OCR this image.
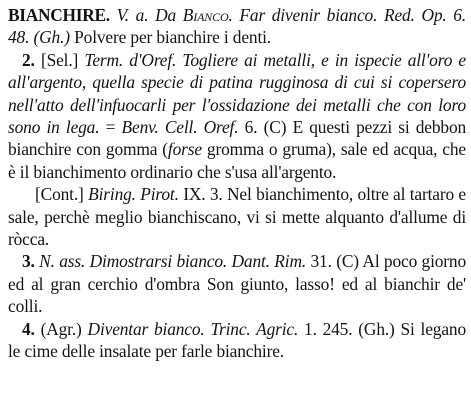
BIANCHIRE. V. a. Da Bianco. Far divenir bianco. Red. Op. 6. 48. (Gh.) Polvere per bianchire i denti.

2. [Sel.] Term. d'Oref. Togliere ai metalli, e in ispecie all'oro e all'argento, quella specie di patina rugginosa di cui si copersero nell'atto dell'infuocarli per l'ossidazione dei metalli che con loro sono in lega. = Benv. Cell. Oref. 6. (C) E questi pezzi si debbon bianchire con gomma (forse gromma o gruma), sale ed acqua, che è il bianchimento ordinario che s'usa all'argento.

[Cont.] Biring. Pirot. IX. 3. Nel bianchimento, oltre al tartaro e sale, perchè meglio bianchiscano, vi si mette alquanto d'allume di ròcca.

3. N. ass. Dimostrarsi bianco. Dant. Rim. 31. (C) Al poco giorno ed al gran cerchio d'ombra Son giunto, lasso! ed al bianchir de' colli.

4. (Agr.) Diventar bianco. Trinc. Agric. 1. 245. (Gh.) Si legano le cime delle insalate per farle bianchire.
